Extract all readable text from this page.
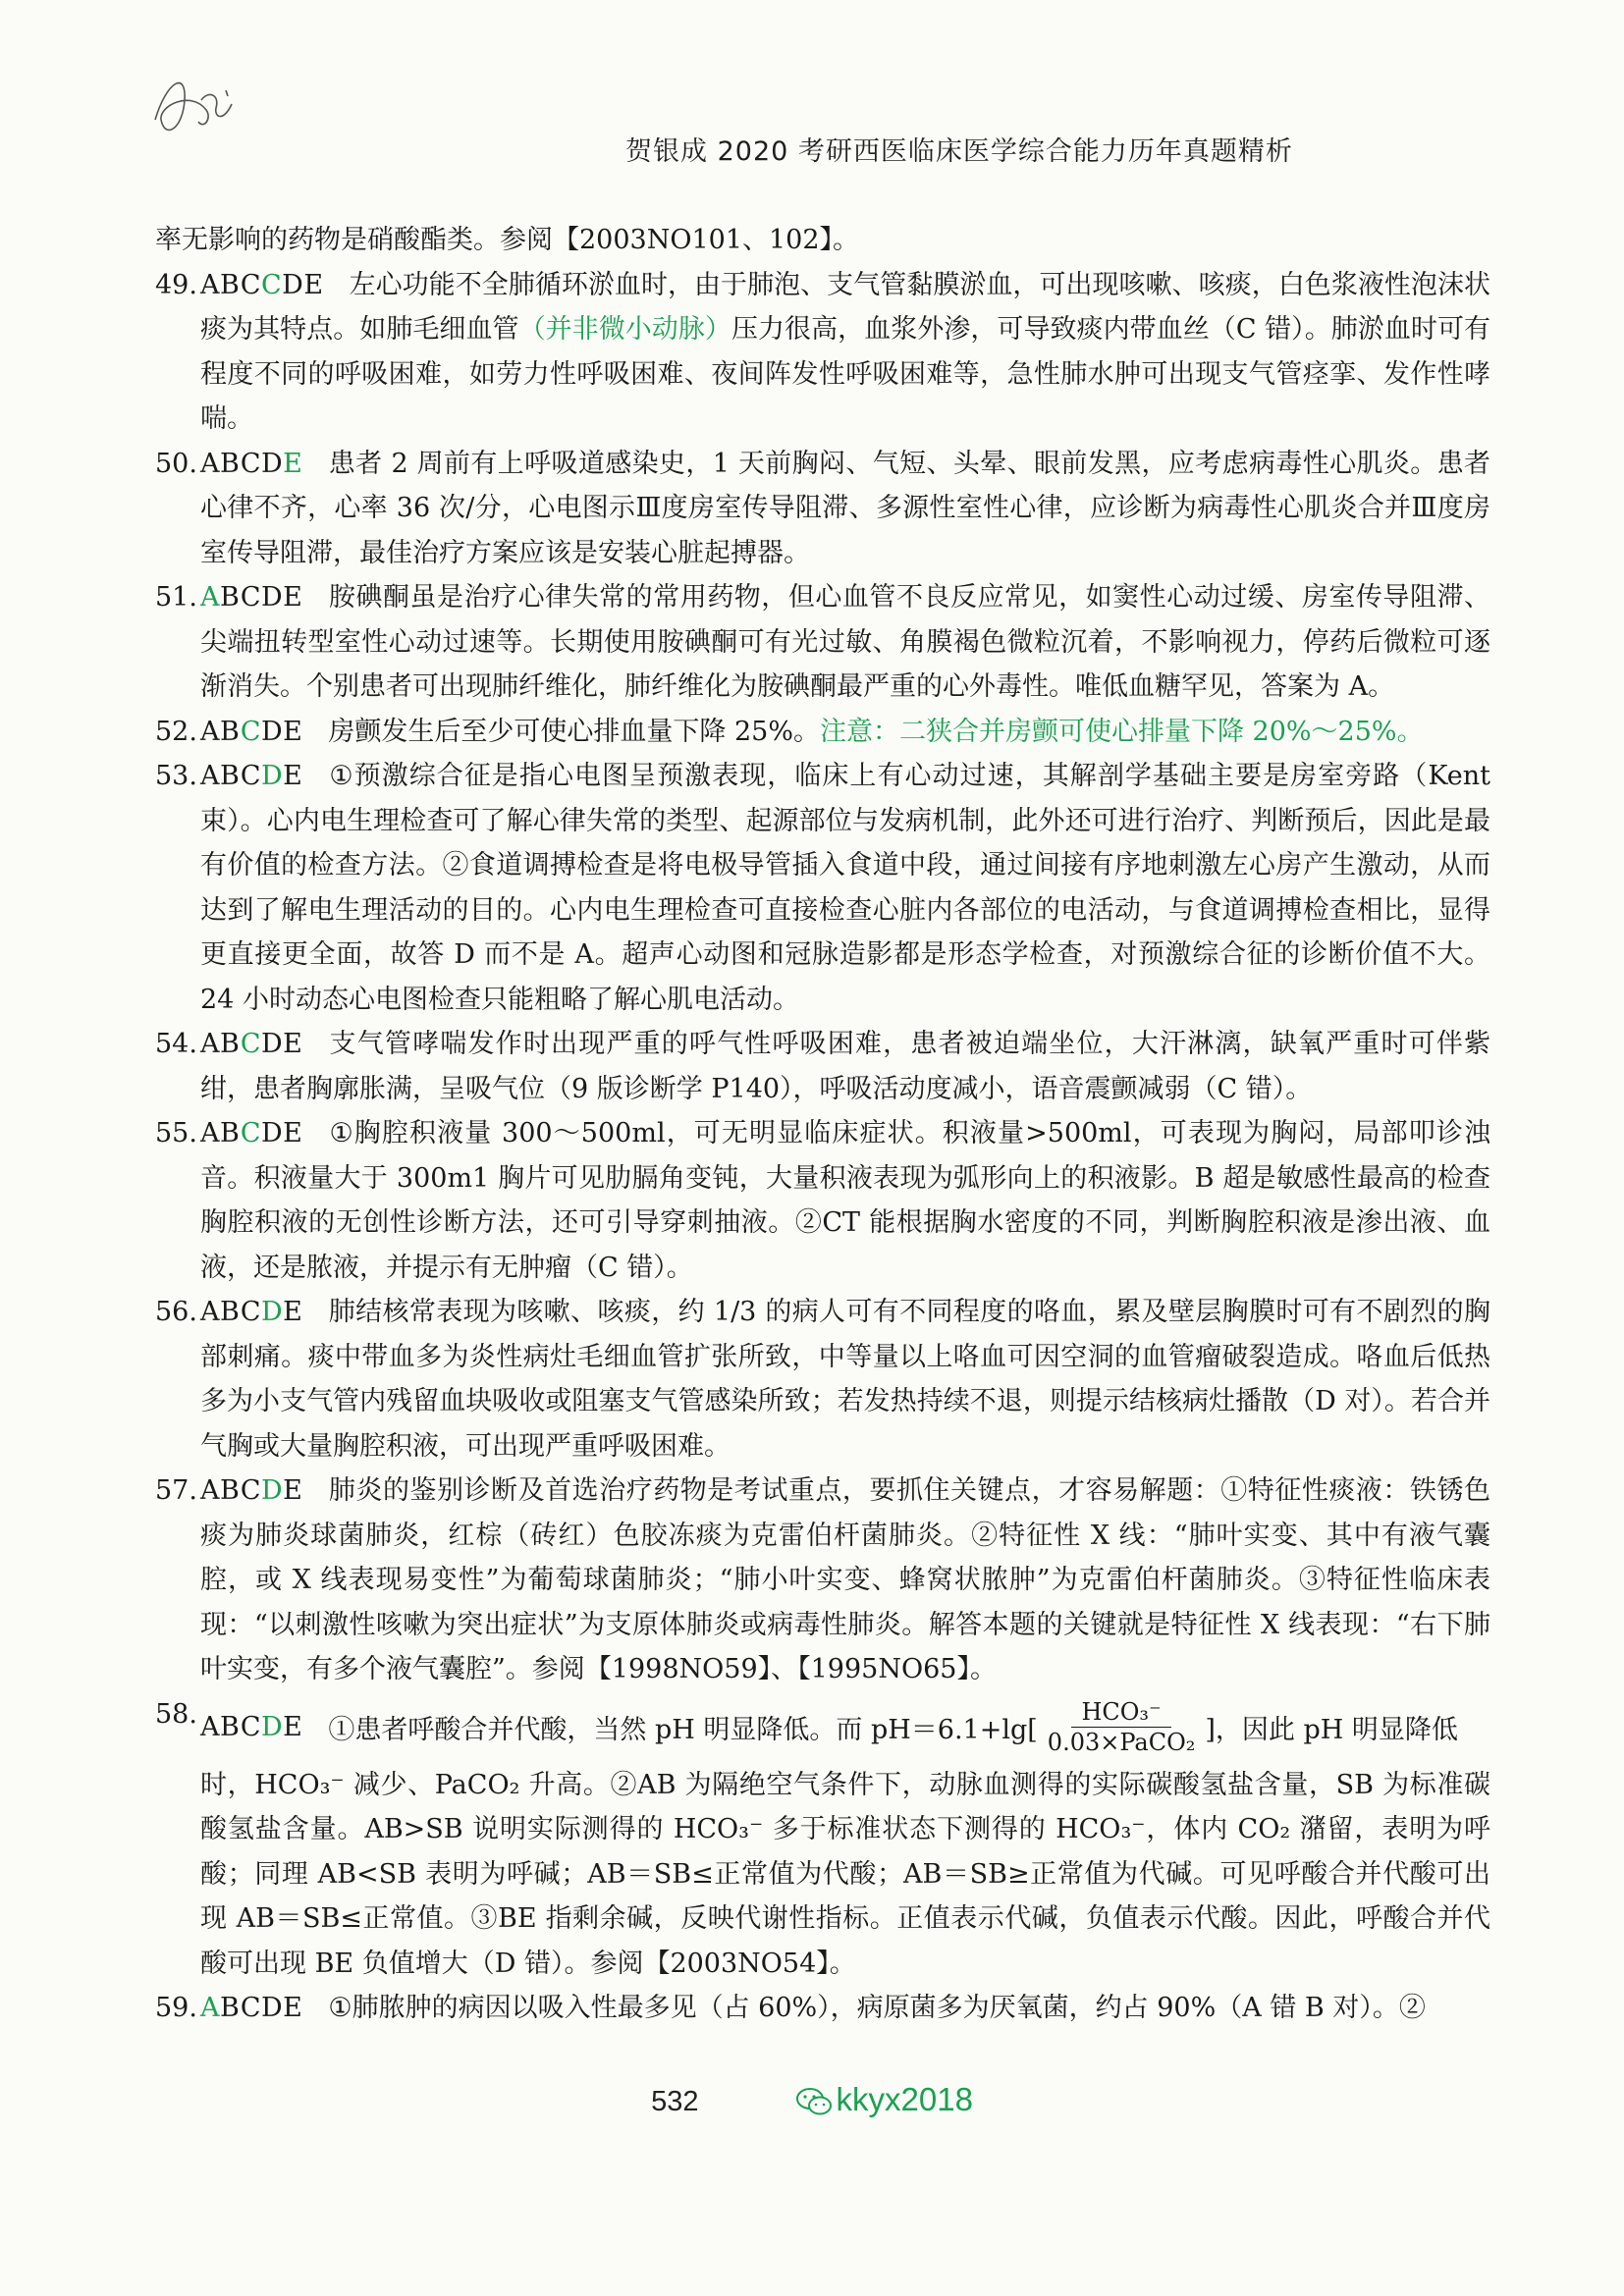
贺银成 2020 考研西医临床医学综合能力历年真题精析

率无影响的药物是硝酸酯类。参阅【2003NO101、102】。

49. ABCCDE 左心功能不全肺循环淤血时，由于肺泡、支气管黏膜淤血，可出现咳嗽、咳痰，白色浆液性泡沫状痰为其特点。如肺毛细血管（并非微小动脉）压力很高，血浆外渗，可导致痰内带血丝（C 错）。肺淤血时可有程度不同的呼吸困难，如劳力性呼吸困难、夜间阵发性呼吸困难等，急性肺水肿可出现支气管痉挛、发作性哮喘。

50. ABCDE 患者 2 周前有上呼吸道感染史，1 天前胸闷、气短、头晕、眼前发黑，应考虑病毒性心肌炎。患者心律不齐，心率 36 次/分，心电图示Ⅲ度房室传导阻滞、多源性室性心律，应诊断为病毒性心肌炎合并Ⅲ度房室传导阻滞，最佳治疗方案应该是安装心脏起搏器。

51. ABCDE 胺碘酮虽是治疗心律失常的常用药物，但心血管不良反应常见，如窦性心动过缓、房室传导阻滞、尖端扭转型室性心动过速等。长期使用胺碘酮可有光过敏、角膜褐色微粒沉着，不影响视力，停药后微粒可逐渐消失。个别患者可出现肺纤维化，肺纤维化为胺碘酮最严重的心外毒性。唯低血糖罕见，答案为 A。

52. ABCDE 房颤发生后至少可使心排血量下降 25%。注意：二狭合并房颤可使心排量下降 20%～25%。

53. ABCDE ①预激综合征是指心电图呈预激表现，临床上有心动过速，其解剖学基础主要是房室旁路（Kent 束）。心内电生理检查可了解心律失常的类型、起源部位与发病机制，此外还可进行治疗、判断预后，因此是最有价值的检查方法。②食道调搏检查是将电极导管插入食道中段，通过间接有序地刺激左心房产生激动，从而达到了解电生理活动的目的。心内电生理检查可直接检查心脏内各部位的电活动，与食道调搏检查相比，显得更直接更全面，故答 D 而不是 A。超声心动图和冠脉造影都是形态学检查，对预激综合征的诊断价值不大。24 小时动态心电图检查只能粗略了解心肌电活动。

54. ABCDE 支气管哮喘发作时出现严重的呼气性呼吸困难，患者被迫端坐位，大汗淋漓，缺氧严重时可伴紫绀，患者胸廓胀满，呈吸气位（9 版诊断学 P140），呼吸活动度减小，语音震颤减弱（C 错）。

55. ABCDE ①胸腔积液量 300～500ml，可无明显临床症状。积液量>500ml，可表现为胸闷，局部叩诊浊音。积液量大于 300m1 胸片可见肋膈角变钝，大量积液表现为弧形向上的积液影。B 超是敏感性最高的检查胸腔积液的无创性诊断方法，还可引导穿刺抽液。②CT 能根据胸水密度的不同，判断胸腔积液是渗出液、血液，还是脓液，并提示有无肿瘤（C 错）。

56. ABCDE 肺结核常表现为咳嗽、咳痰，约 1/3 的病人可有不同程度的咯血，累及壁层胸膜时可有不剧烈的胸部刺痛。痰中带血多为炎性病灶毛细血管扩张所致，中等量以上咯血可因空洞的血管瘤破裂造成。咯血后低热多为小支气管内残留血块吸收或阻塞支气管感染所致；若发热持续不退，则提示结核病灶播散（D 对）。若合并气胸或大量胸腔积液，可出现严重呼吸困难。

57. ABCDE 肺炎的鉴别诊断及首选治疗药物是考试重点，要抓住关键点，才容易解题：①特征性痰液：铁锈色痰为肺炎球菌肺炎，红棕（砖红）色胶冻痰为克雷伯杆菌肺炎。②特征性 X 线：“肺叶实变、其中有液气囊腔，或 X 线表现易变性”为葡萄球菌肺炎；“肺小叶实变、蜂窝状脓肿”为克雷伯杆菌肺炎。③特征性临床表现：“以刺激性咳嗽为突出症状”为支原体肺炎或病毒性肺炎。解答本题的关键就是特征性 X 线表现：“右下肺叶实变，有多个液气囊腔”。参阅【1998NO59】、【1995NO65】。

58. ABCDE ①患者呼酸合并代酸，当然 pH 明显降低。而 $pH=6.1+\lg[ \frac{\text{HCO₃⁻}}{\text{0.03×PaCO₂}}$ ]，因此 pH 明显降低

时，HCO₃⁻ 减少、PaCO₂ 升高。②AB 为隔绝空气条件下，动脉血测得的实际碳酸氢盐含量，SB 为标准碳酸氢盐含量。AB>SB 说明实际测得的 HCO₃⁻ 多于标准状态下测得的 HCO₃⁻，体内 CO₂ 潴留，表明为呼酸；同理 AB<SB 表明为呼碱；AB＝SB≤正常值为代酸；AB＝SB≥正常值为代碱。可见呼酸合并代酸可出现 AB＝SB≤正常值。③BE 指剩余碱，反映代谢性指标。正值表示代碱，负值表示代酸。因此，呼酸合并代酸可出现 BE 负值增大（D 错）。参阅【2003NO54】。

59. ABCDE ①肺脓肿的病因以吸入性最多见（占 60%），病原菌多为厌氧菌，约占 90%（A 错 B 对）。②

532	kkyx2018
